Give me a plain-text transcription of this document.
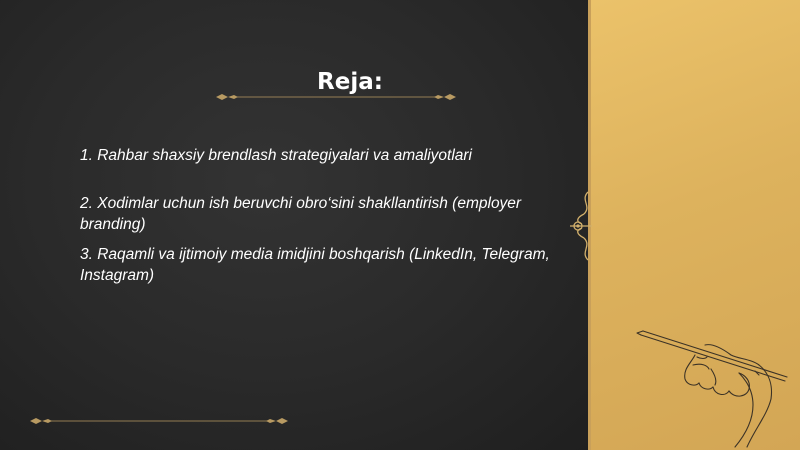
Reja:
1. Rahbar shaxsiy brendlash strategiyalari va amaliyotlari
2. Xodimlar uchun ish beruvchi obro‘sini shakllantirish (employer branding)
3. Raqamli va ijtimoiy media imidjini boshqarish (LinkedIn, Telegram, Instagram)
